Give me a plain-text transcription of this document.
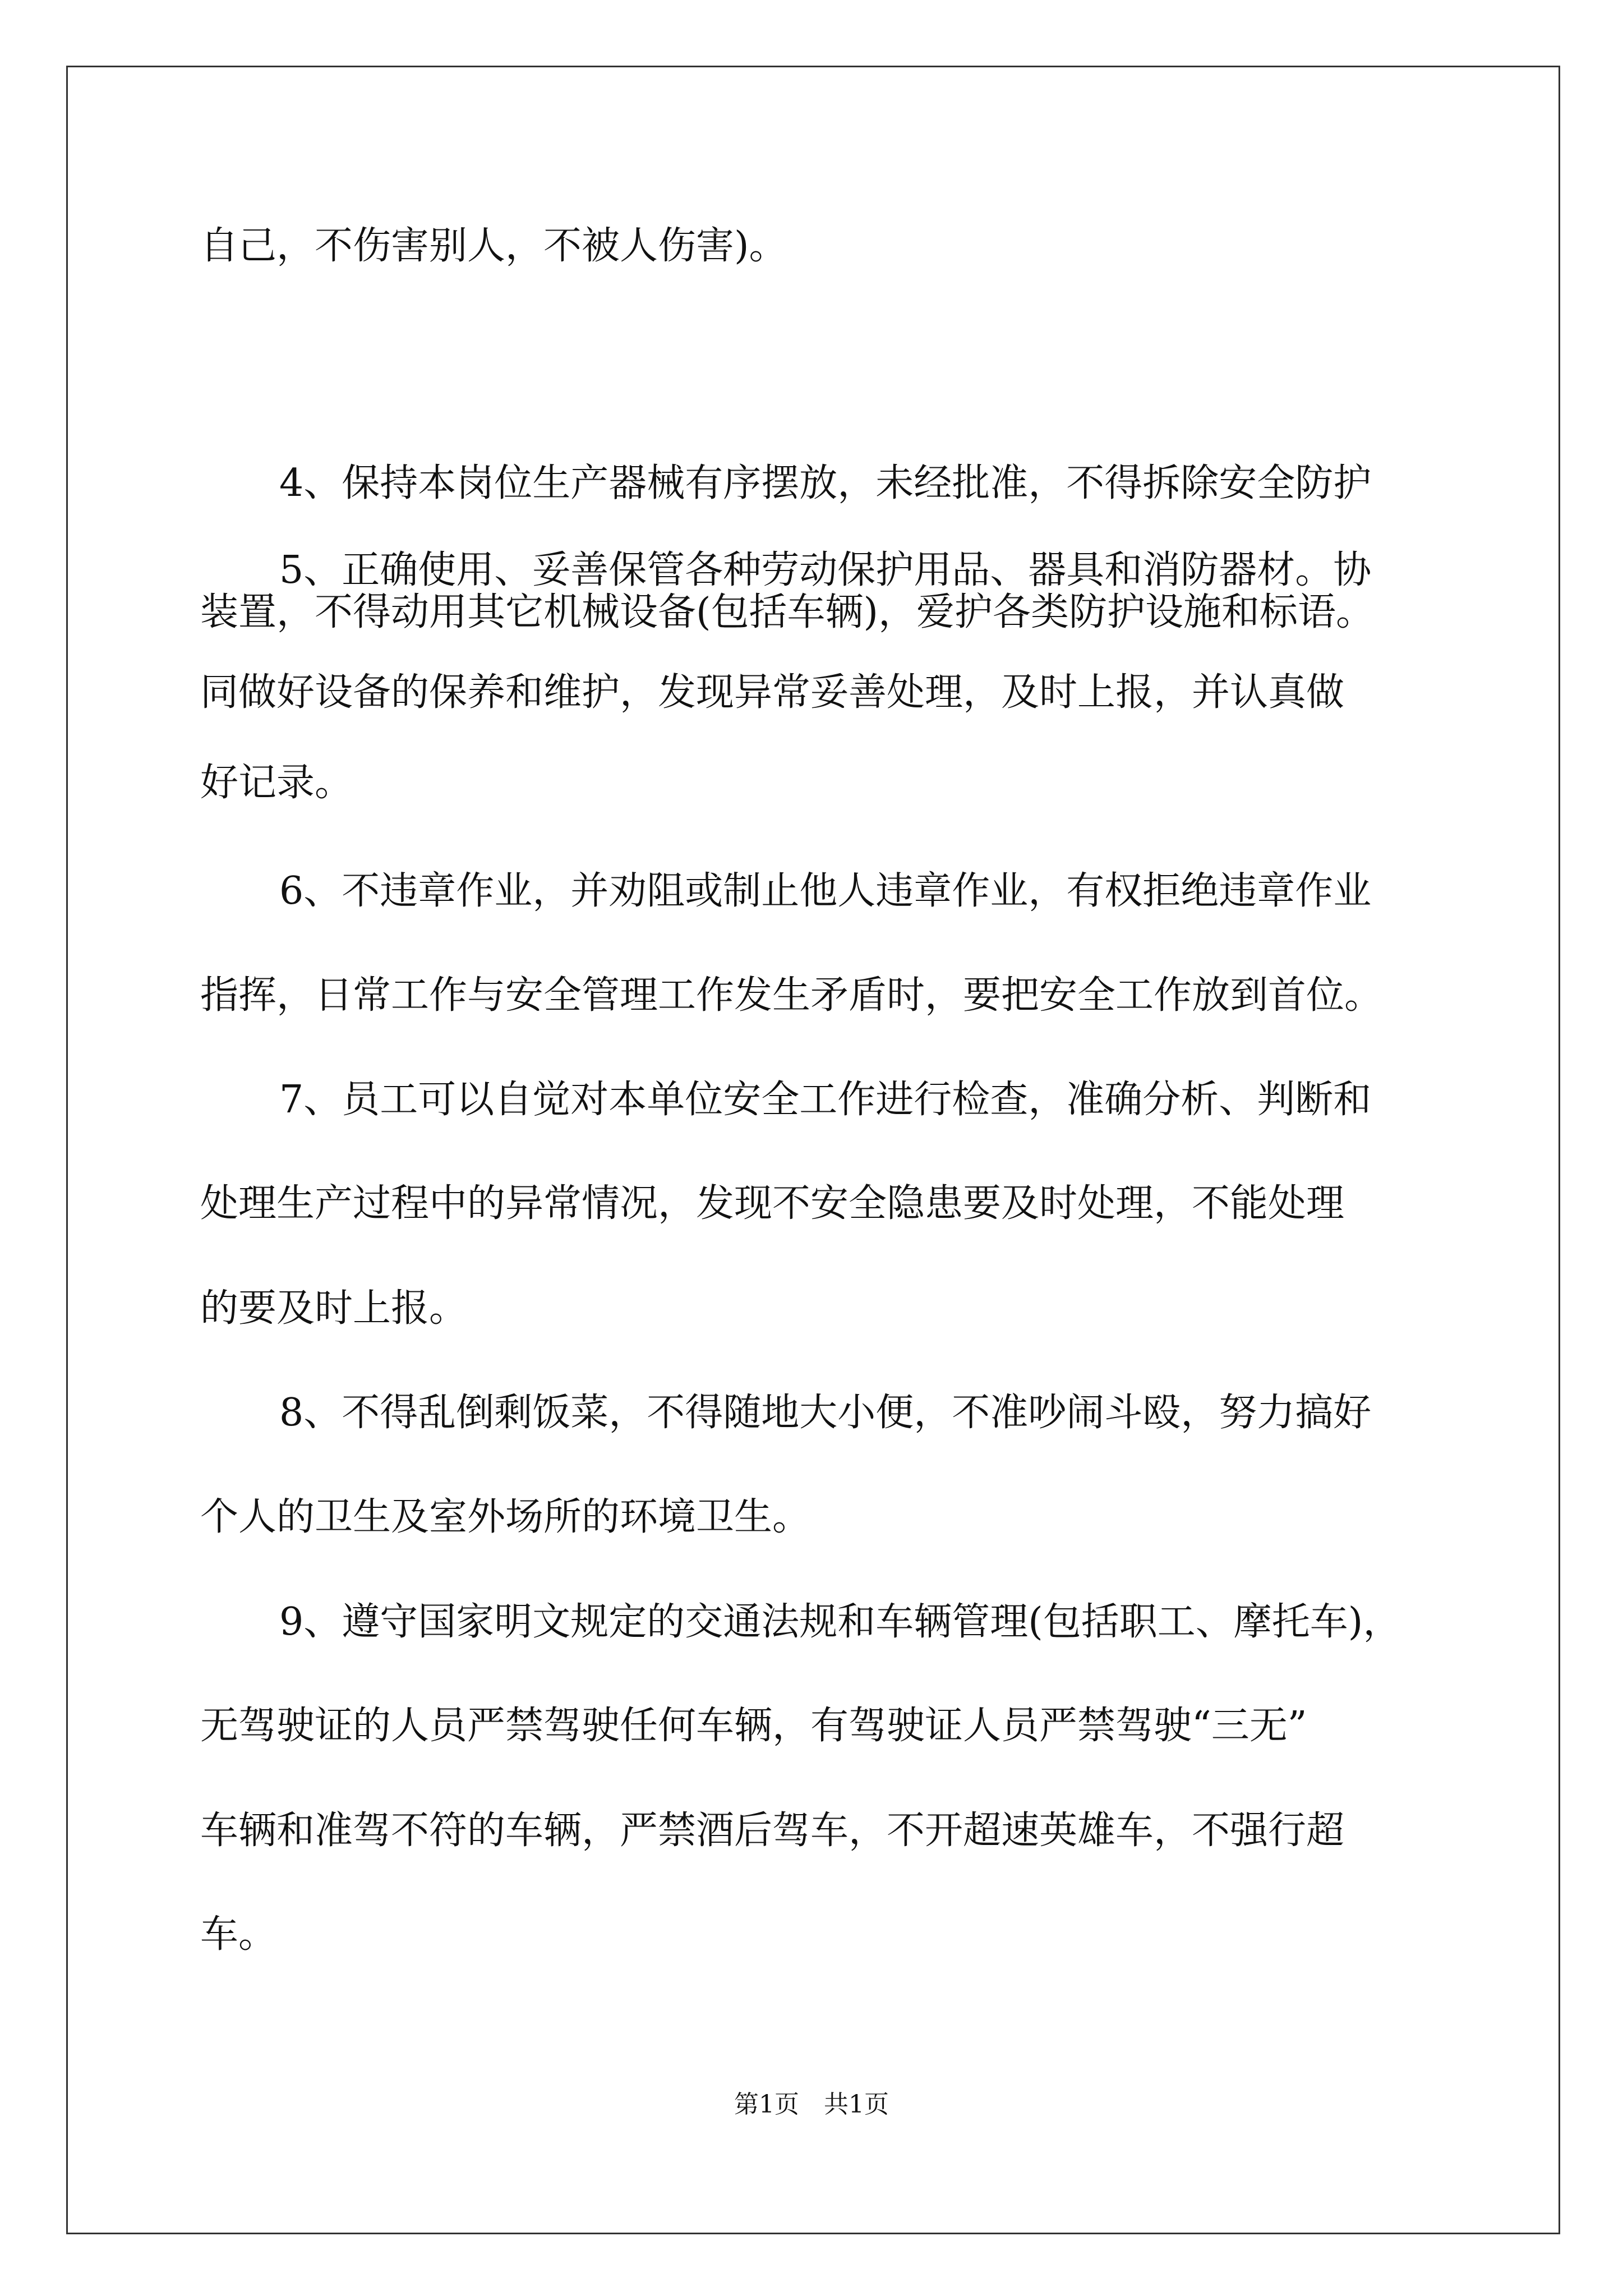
自己，不伤害别人，不被人伤害)。

4、保持本岗位生产器械有序摆放，未经批准，不得拆除安全防护

装置，不得动用其它机械设备(包括车辆)，爱护各类防护设施和标语。

5、正确使用、妥善保管各种劳动保护用品、器具和消防器材。协

同做好设备的保养和维护，发现异常妥善处理，及时上报，并认真做

好记录。

6、不违章作业，并劝阻或制止他人违章作业，有权拒绝违章作业

指挥，日常工作与安全管理工作发生矛盾时，要把安全工作放到首位。

7、员工可以自觉对本单位安全工作进行检查，准确分析、判断和

处理生产过程中的异常情况，发现不安全隐患要及时处理，不能处理

的要及时上报。

8、不得乱倒剩饭菜，不得随地大小便，不准吵闹斗殴，努力搞好

个人的卫生及室外场所的环境卫生。

9、遵守国家明文规定的交通法规和车辆管理(包括职工、摩托车)，

无驾驶证的人员严禁驾驶任何车辆，有驾驶证人员严禁驾驶“三无”

车辆和准驾不符的车辆，严禁酒后驾车，不开超速英雄车，不强行超

车。

第1页　共1页
